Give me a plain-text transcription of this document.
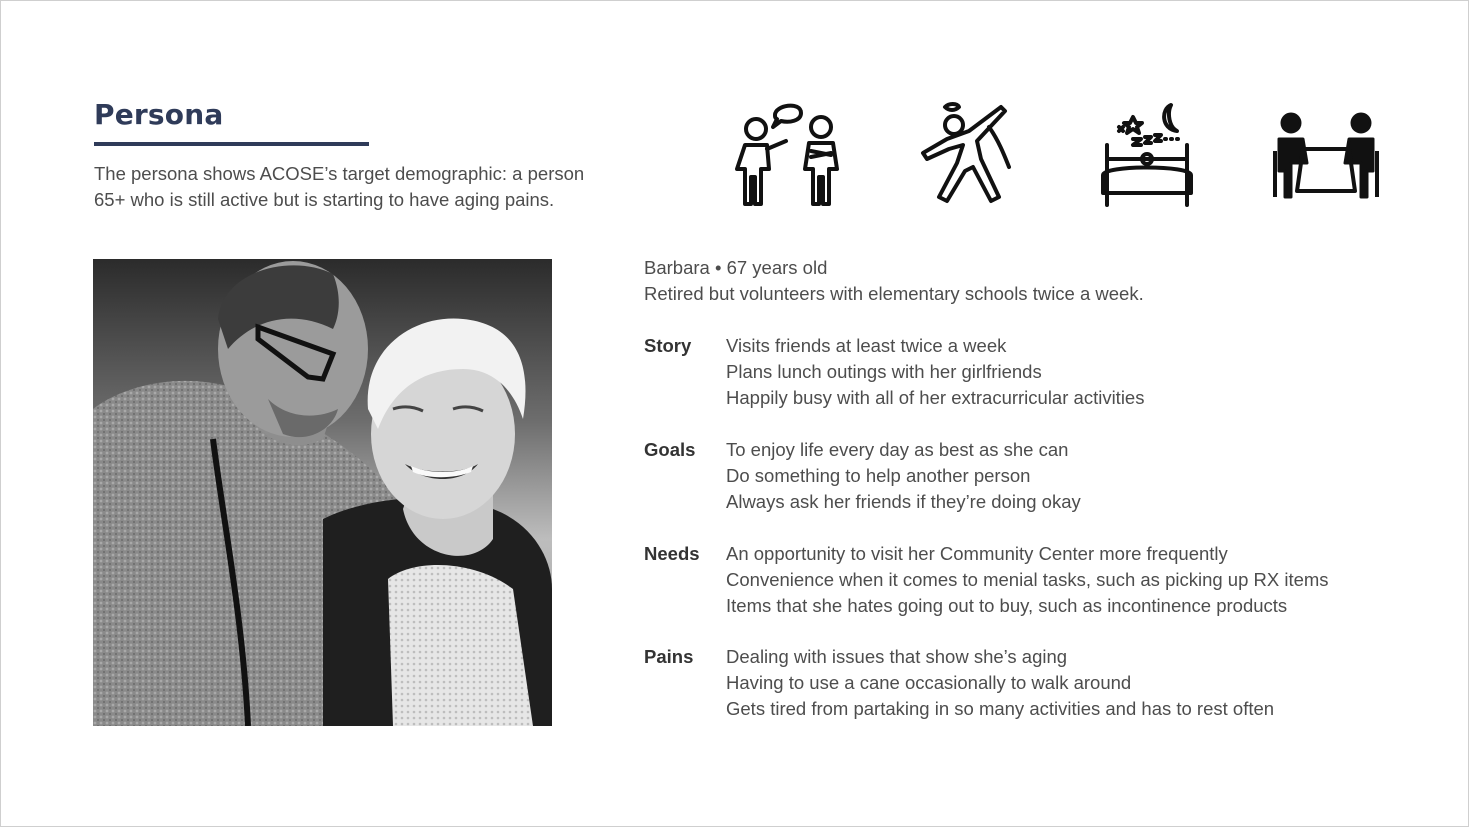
Persona
The persona shows ACOSE’s target demographic: a person
65+ who is still active but is starting to have aging pains.
Barbara • 67 years old
Retired but volunteers with elementary schools twice a week.
Story Visits friends at least twice a week
Plans lunch outings with her girlfriends
Happily busy with all of her extracurricular activities
Goals To enjoy life every day as best as she can
Do something to help another person
Always ask her friends if they’re doing okay
Needs An opportunity to visit her Community Center more frequently
Convenience when it comes to menial tasks, such as picking up RX items
Items that she hates going out to buy, such as incontinence products
Pains Dealing with issues that show she’s aging
Having to use a cane occasionally to walk around
Gets tired from partaking in so many activities and has to rest often
